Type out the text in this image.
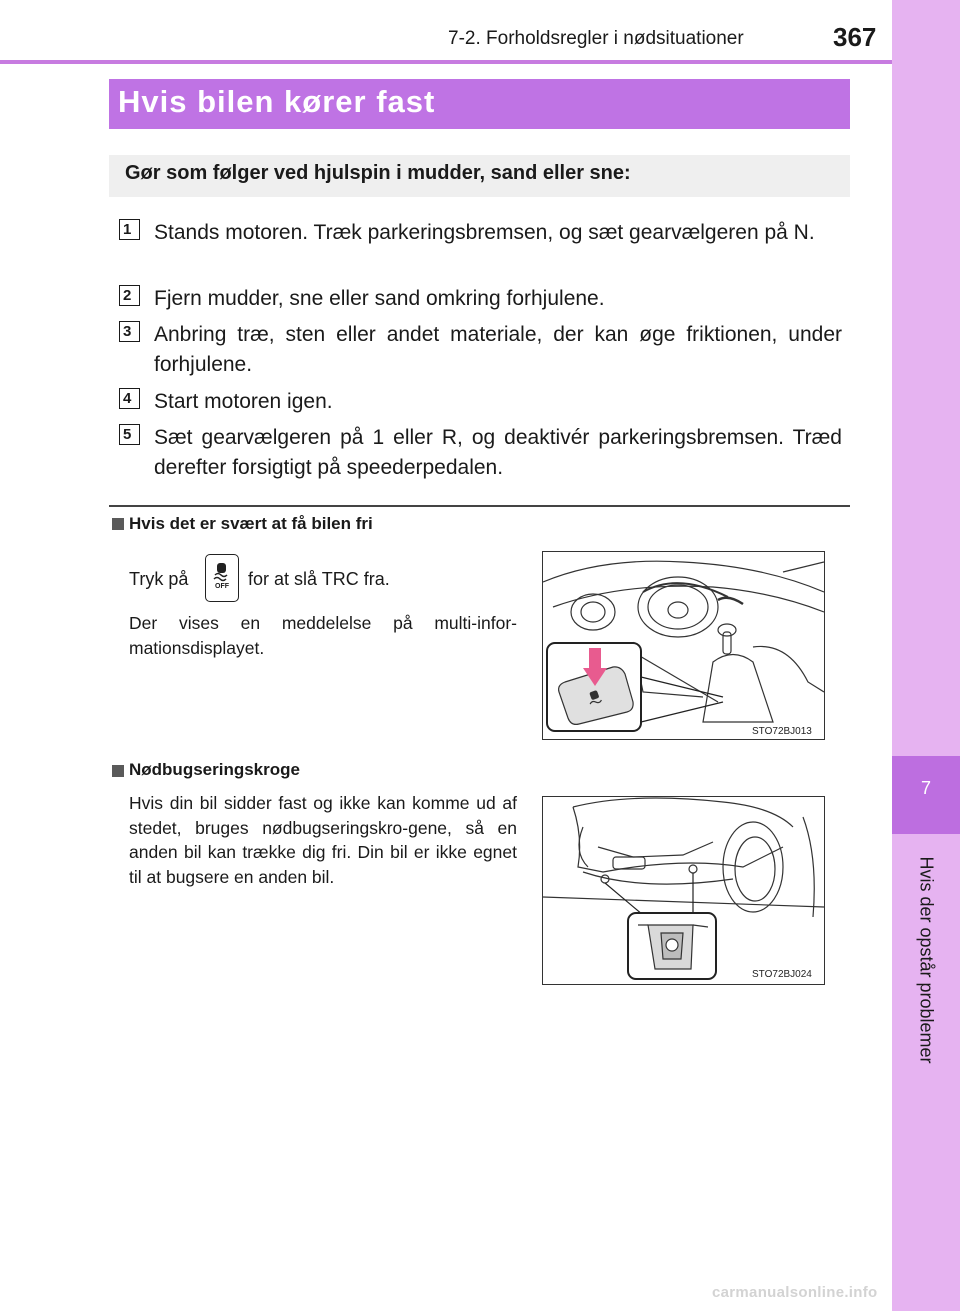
7-2. Forholdsregler i nødsituationer	367
7
Hvis der opstår problemer
Hvis bilen kører fast
Gør som følger ved hjulspin i mudder, sand eller sne:
1	Stands motoren. Træk parkeringsbremsen, og sæt gearvælgeren på N.
2	Fjern mudder, sne eller sand omkring forhjulene.
3	Anbring træ, sten eller andet materiale, der kan øge friktionen, under forhjulene.
4	Start motoren igen.
5	Sæt gearvælgeren på 1 eller R, og deaktivér parkeringsbremsen. Træd derefter forsigtigt på speederpedalen.
Hvis det er svært at få bilen fri
Tryk på	OFF	for at slå TRC fra.
Der vises en meddelelse på multi-infor-mationsdisplayet.
STO72BJ013
Nødbugseringskroge
Hvis din bil sidder fast og ikke kan komme ud af stedet, bruges nødbugseringskro-gene, så en anden bil kan trække dig fri. Din bil er ikke egnet til at bugsere en anden bil.
STO72BJ024
carmanualsonline.info
